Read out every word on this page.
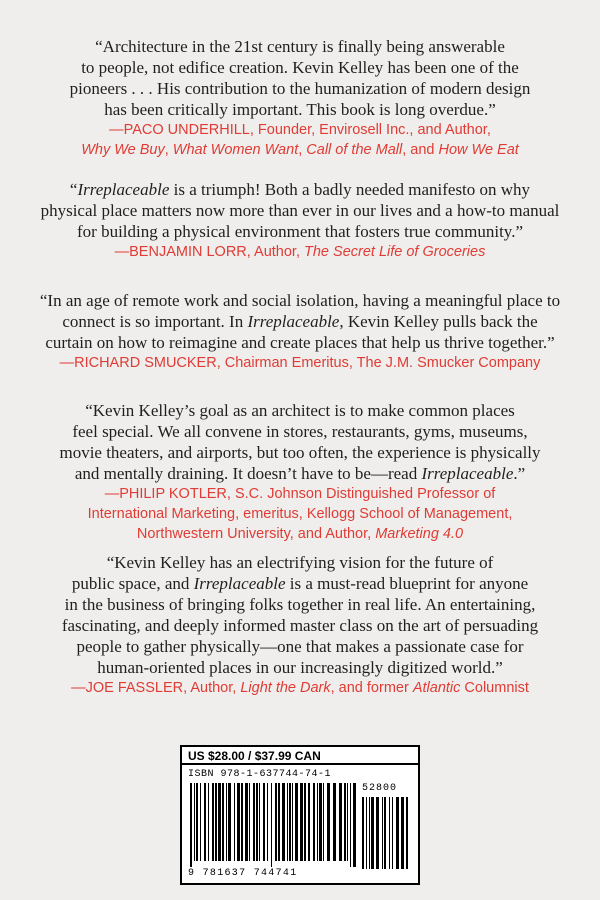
“Architecture in the 21st century is finally being answerable
to people, not edifice creation. Kevin Kelley has been one of the
pioneers . . . His contribution to the humanization of modern design
has been critically important. This book is long overdue.”

—PACO UNDERHILL, Founder, Envirosell Inc., and Author,
Why We Buy, What Women Want, Call of the Mall, and How We Eat

“Irreplaceable is a triumph! Both a badly needed manifesto on why
physical place matters now more than ever in our lives and a how-to manual
for building a physical environment that fosters true community.”

—BENJAMIN LORR, Author, The Secret Life of Groceries

“In an age of remote work and social isolation, having a meaningful place to
connect is so important. In Irreplaceable, Kevin Kelley pulls back the
curtain on how to reimagine and create places that help us thrive together.”

—RICHARD SMUCKER, Chairman Emeritus, The J.M. Smucker Company

“Kevin Kelley’s goal as an architect is to make common places
feel special. We all convene in stores, restaurants, gyms, museums,
movie theaters, and airports, but too often, the experience is physically
and mentally draining. It doesn’t have to be—read Irreplaceable.”

—PHILIP KOTLER, S.C. Johnson Distinguished Professor of
International Marketing, emeritus, Kellogg School of Management,
Northwestern University, and Author, Marketing 4.0

“Kevin Kelley has an electrifying vision for the future of
public space, and Irreplaceable is a must-read blueprint for anyone
in the business of bringing folks together in real life. An entertaining,
fascinating, and deeply informed master class on the art of persuading
people to gather physically—one that makes a passionate case for
human-oriented places in our increasingly digitized world.”

—JOE FASSLER, Author, Light the Dark, and former Atlantic Columnist

US $28.00 / $37.99 CAN
ISBN 978-1-637744-74-1
9 781637 744741
52800
